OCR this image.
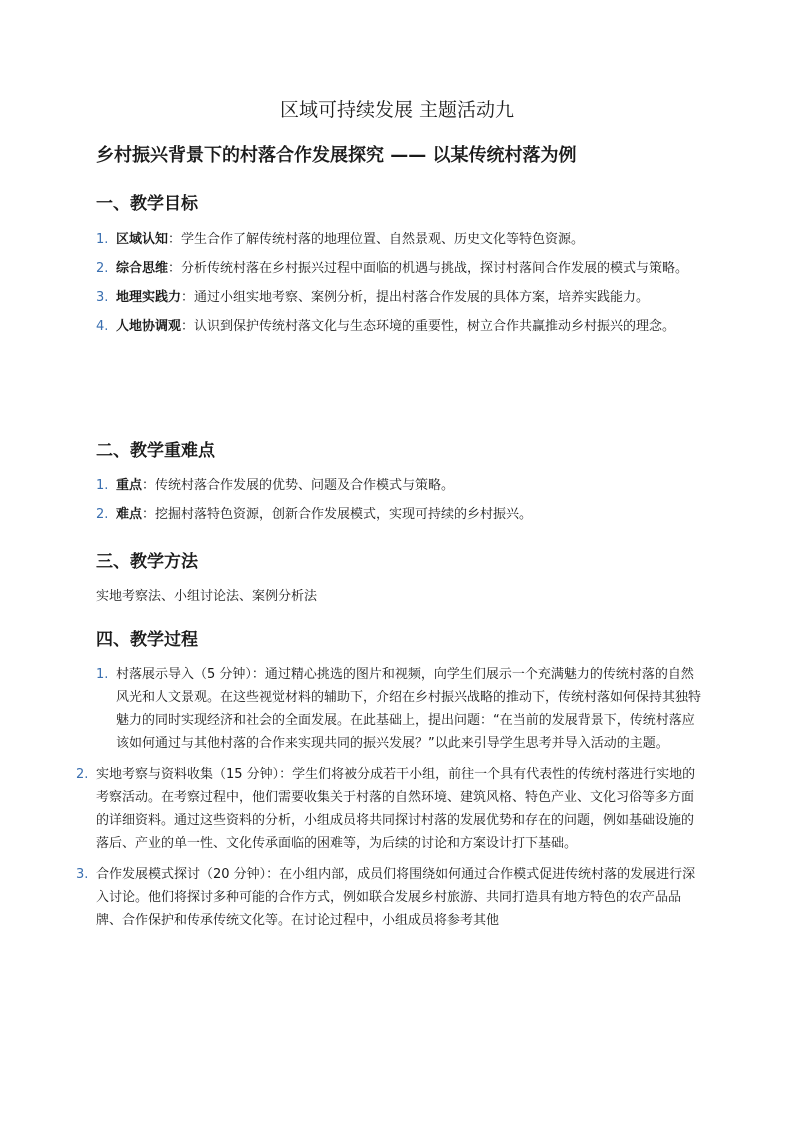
区域可持续发展 主题活动九
乡村振兴背景下的村落合作发展探究 —— 以某传统村落为例
一、教学目标
1. 区域认知：学生合作了解传统村落的地理位置、自然景观、历史文化等特色资源。
2. 综合思维：分析传统村落在乡村振兴过程中面临的机遇与挑战，探讨村落间合作发展的模式与策略。
3. 地理实践力：通过小组实地考察、案例分析，提出村落合作发展的具体方案，培养实践能力。
4. 人地协调观：认识到保护传统村落文化与生态环境的重要性，树立合作共赢推动乡村振兴的理念。
二、教学重难点
1. 重点：传统村落合作发展的优势、问题及合作模式与策略。
2. 难点：挖掘村落特色资源，创新合作发展模式，实现可持续的乡村振兴。
三、教学方法

实地考察法、小组讨论法、案例分析法

四、教学过程
1. 村落展示导入（5 分钟）：通过精心挑选的图片和视频，向学生们展示一个充满魅力的传统村落的自然风光和人文景观。在这些视觉材料的辅助下，介绍在乡村振兴战略的推动下，传统村落如何保持其独特魅力的同时实现经济和社会的全面发展。在此基础上，提出问题：“在当前的发展背景下，传统村落应该如何通过与其他村落的合作来实现共同的振兴发展？”以此来引导学生思考并导入活动的主题。
2. 实地考察与资料收集（15 分钟）：学生们将被分成若干小组，前往一个具有代表性的传统村落进行实地的考察活动。在考察过程中，他们需要收集关于村落的自然环境、建筑风格、特色产业、文化习俗等多方面的详细资料。通过这些资料的分析，小组成员将共同探讨村落的发展优势和存在的问题，例如基础设施的落后、产业的单一性、文化传承面临的困难等，为后续的讨论和方案设计打下基础。
3. 合作发展模式探讨（20 分钟）：在小组内部，成员们将围绕如何通过合作模式促进传统村落的发展进行深入讨论。他们将探讨多种可能的合作方式，例如联合发展乡村旅游、共同打造具有地方特色的农产品品牌、合作保护和传承传统文化等。在讨论过程中，小组成员将参考其他
